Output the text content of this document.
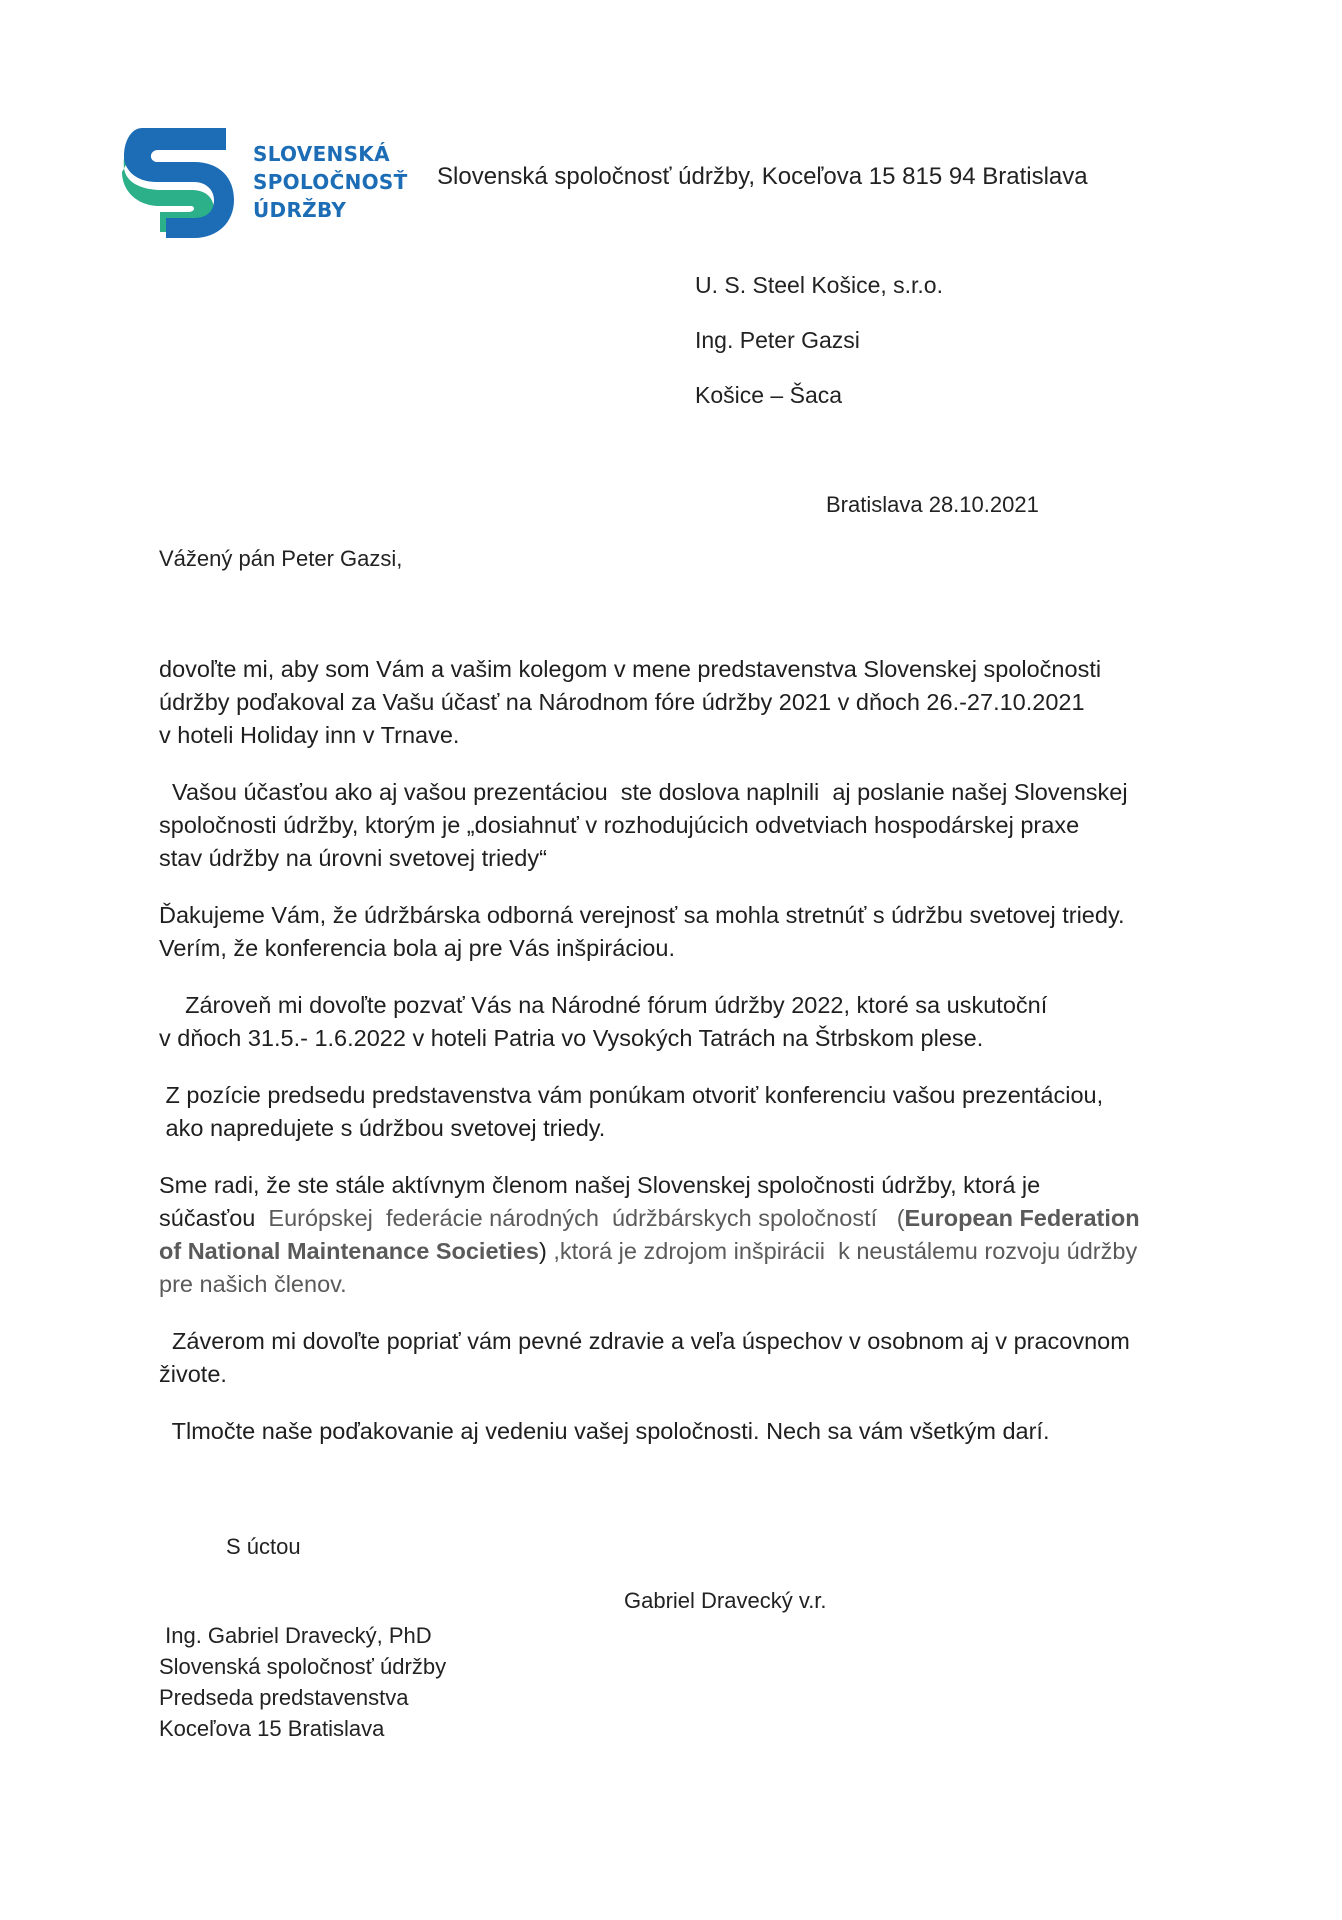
SLOVENSKÁ
SPOLOČNOSŤ
ÚDRŽBY
Slovenská spoločnosť údržby, Koceľova 15 815 94 Bratislava
U. S. Steel Košice, s.r.o.
Ing. Peter Gazsi
Košice – Šaca
Bratislava 28.10.2021
Vážený pán Peter Gazsi,
dovoľte mi, aby som Vám a vašim kolegom v mene predstavenstva Slovenskej spoločnosti
údržby poďakoval za Vašu účasť na Národnom fóre údržby 2021 v dňoch 26.-27.10.2021
v hoteli Holiday inn v Trnave.
Vašou účasťou ako aj vašou prezentáciou  ste doslova naplnili  aj poslanie našej Slovenskej
spoločnosti údržby, ktorým je „dosiahnuť v rozhodujúcich odvetviach hospodárskej praxe
stav údržby na úrovni svetovej triedy“
Ďakujeme Vám, že údržbárska odborná verejnosť sa mohla stretnúť s údržbu svetovej triedy.
Verím, že konferencia bola aj pre Vás inšpiráciou.
Zároveň mi dovoľte pozvať Vás na Národné fórum údržby 2022, ktoré sa uskutoční
v dňoch 31.5.- 1.6.2022 v hoteli Patria vo Vysokých Tatrách na Štrbskom plese.
Z pozície predsedu predstavenstva vám ponúkam otvoriť konferenciu vašou prezentáciou,
ako napredujete s údržbou svetovej triedy.
Sme radi, že ste stále aktívnym členom našej Slovenskej spoločnosti údržby, ktorá je
súčasťou  Európskej  federácie národných  údržbárskych spoločností   (European Federation
of National Maintenance Societies) ,ktorá je zdrojom inšpirácii  k neustálemu rozvoju údržby
pre našich členov.
Záverom mi dovoľte popriať vám pevné zdravie a veľa úspechov v osobnom aj v pracovnom
živote.
Tlmočte naše poďakovanie aj vedeniu vašej spoločnosti. Nech sa vám všetkým darí.
S úctou
Gabriel Dravecký v.r.
Ing. Gabriel Dravecký, PhD
Slovenská spoločnosť údržby
Predseda predstavenstva
Koceľova 15 Bratislava
